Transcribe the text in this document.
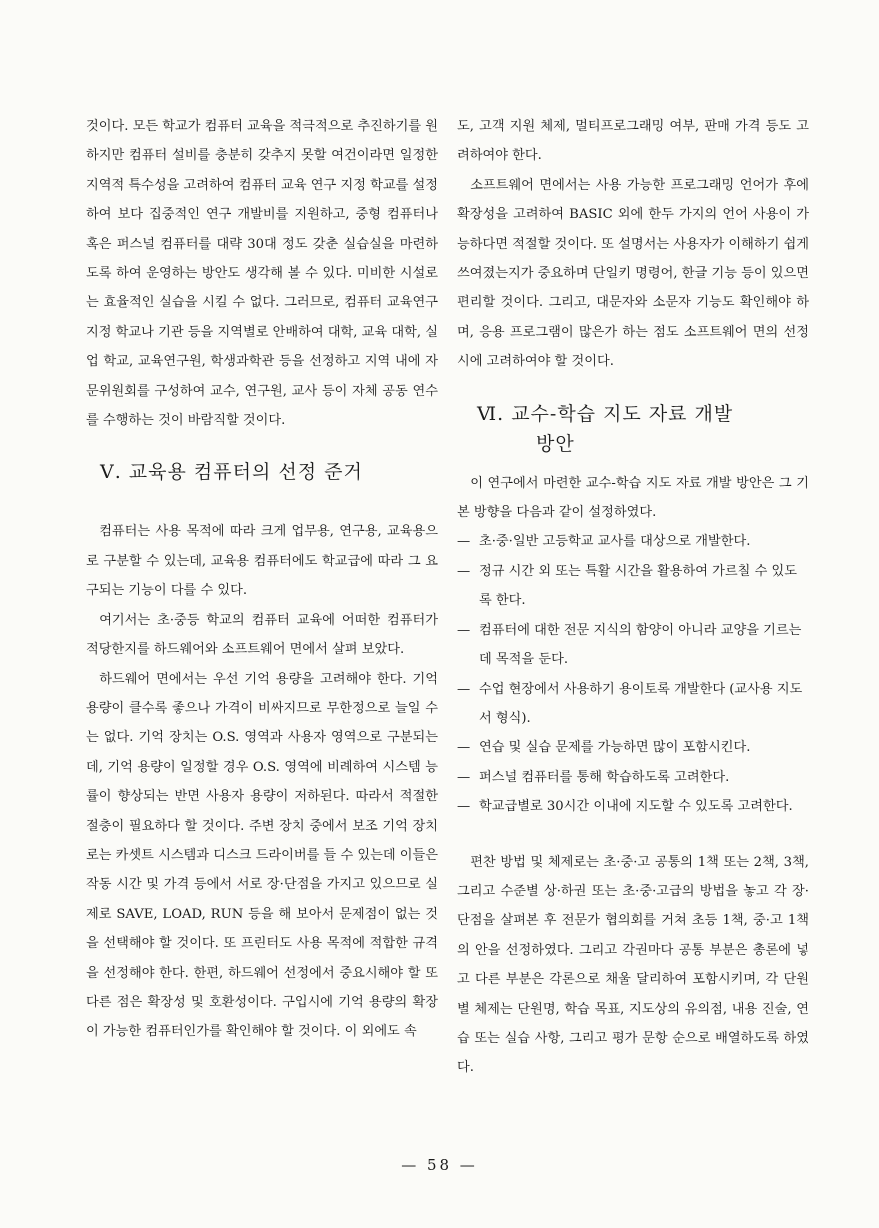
것이다. 모든 학교가 컴퓨터 교육을 적극적으로 추진하기를 원하지만 컴퓨터 설비를 충분히 갖추지 못할 여건이라면 일정한 지역적 특수성을 고려하여 컴퓨터 교육 연구 지정 학교를 설정하여 보다 집중적인 연구 개발비를 지원하고, 중형 컴퓨터나 혹은 퍼스널 컴퓨터를 대략 30대 정도 갖춘 실습실을 마련하도록 하여 운영하는 방안도 생각해 볼 수 있다. 미비한 시설로는 효율적인 실습을 시킬 수 없다. 그러므로, 컴퓨터 교육연구 지정 학교나 기관 등을 지역별로 안배하여 대학, 교육 대학, 실업 학교, 교육연구원, 학생과학관 등을 선정하고 지역 내에 자문위원회를 구성하여 교수, 연구원, 교사 등이 자체 공동 연수를 수행하는 것이 바람직할 것이다.

Ⅴ. 교육용 컴퓨터의 선정 준거

컴퓨터는 사용 목적에 따라 크게 업무용, 연구용, 교육용으로 구분할 수 있는데, 교육용 컴퓨터에도 학교급에 따라 그 요구되는 기능이 다를 수 있다.

여기서는 초·중등 학교의 컴퓨터 교육에 어떠한 컴퓨터가 적당한지를 하드웨어와 소프트웨어 면에서 살펴 보았다.

하드웨어 면에서는 우선 기억 용량을 고려해야 한다. 기억 용량이 클수록 좋으나 가격이 비싸지므로 무한정으로 늘일 수는 없다. 기억 장치는 O.S. 영역과 사용자 영역으로 구분되는데, 기억 용량이 일정할 경우 O.S. 영역에 비례하여 시스템 능률이 향상되는 반면 사용자 용량이 저하된다. 따라서 적절한 절충이 필요하다 할 것이다. 주변 장치 중에서 보조 기억 장치로는 카셋트 시스템과 디스크 드라이버를 들 수 있는데 이들은 작동 시간 및 가격 등에서 서로 장·단점을 가지고 있으므로 실제로 SAVE, LOAD, RUN 등을 해 보아서 문제점이 없는 것을 선택해야 할 것이다. 또 프린터도 사용 목적에 적합한 규격을 선정해야 한다. 한편, 하드웨어 선정에서 중요시해야 할 또 다른 점은 확장성 및 호환성이다. 구입시에 기억 용량의 확장이 가능한 컴퓨터인가를 확인해야 할 것이다. 이 외에도 속

도, 고객 지원 체제, 멀티프로그래밍 여부, 판매 가격 등도 고려하여야 한다.

소프트웨어 면에서는 사용 가능한 프로그래밍 언어가 후에 확장성을 고려하여 BASIC 외에 한두 가지의 언어 사용이 가능하다면 적절할 것이다. 또 설명서는 사용자가 이해하기 쉽게 쓰여졌는지가 중요하며 단일키 명령어, 한글 기능 등이 있으면 편리할 것이다. 그리고, 대문자와 소문자 기능도 확인해야 하며, 응용 프로그램이 많은가 하는 점도 소프트웨어 면의 선정시에 고려하여야 할 것이다.

Ⅵ. 교수-학습 지도 자료 개발
방안

이 연구에서 마련한 교수-학습 지도 자료 개발 방안은 그 기본 방향을 다음과 같이 설정하였다.

— 초·중·일반 고등학교 교사를 대상으로 개발한다.
— 정규 시간 외 또는 특활 시간을 활용하여 가르칠 수 있도록 한다.
— 컴퓨터에 대한 전문 지식의 함양이 아니라 교양을 기르는데 목적을 둔다.
— 수업 현장에서 사용하기 용이토록 개발한다 (교사용 지도서 형식).
— 연습 및 실습 문제를 가능하면 많이 포함시킨다.
— 퍼스널 컴퓨터를 통해 학습하도록 고려한다.
— 학교급별로 30시간 이내에 지도할 수 있도록 고려한다.

편찬 방법 및 체제로는 초·중·고 공통의 1책 또는 2책, 3책, 그리고 수준별 상·하권 또는 초·중·고급의 방법을 놓고 각 장·단점을 살펴본 후 전문가 협의회를 거쳐 초등 1책, 중·고 1책의 안을 선정하였다. 그리고 각권마다 공통 부분은 총론에 넣고 다른 부분은 각론으로 채울 달리하여 포함시키며, 각 단원별 체제는 단원명, 학습 목표, 지도상의 유의점, 내용 진술, 연습 또는 실습 사항, 그리고 평가 문항 순으로 배열하도록 하였다.

— 58 —
